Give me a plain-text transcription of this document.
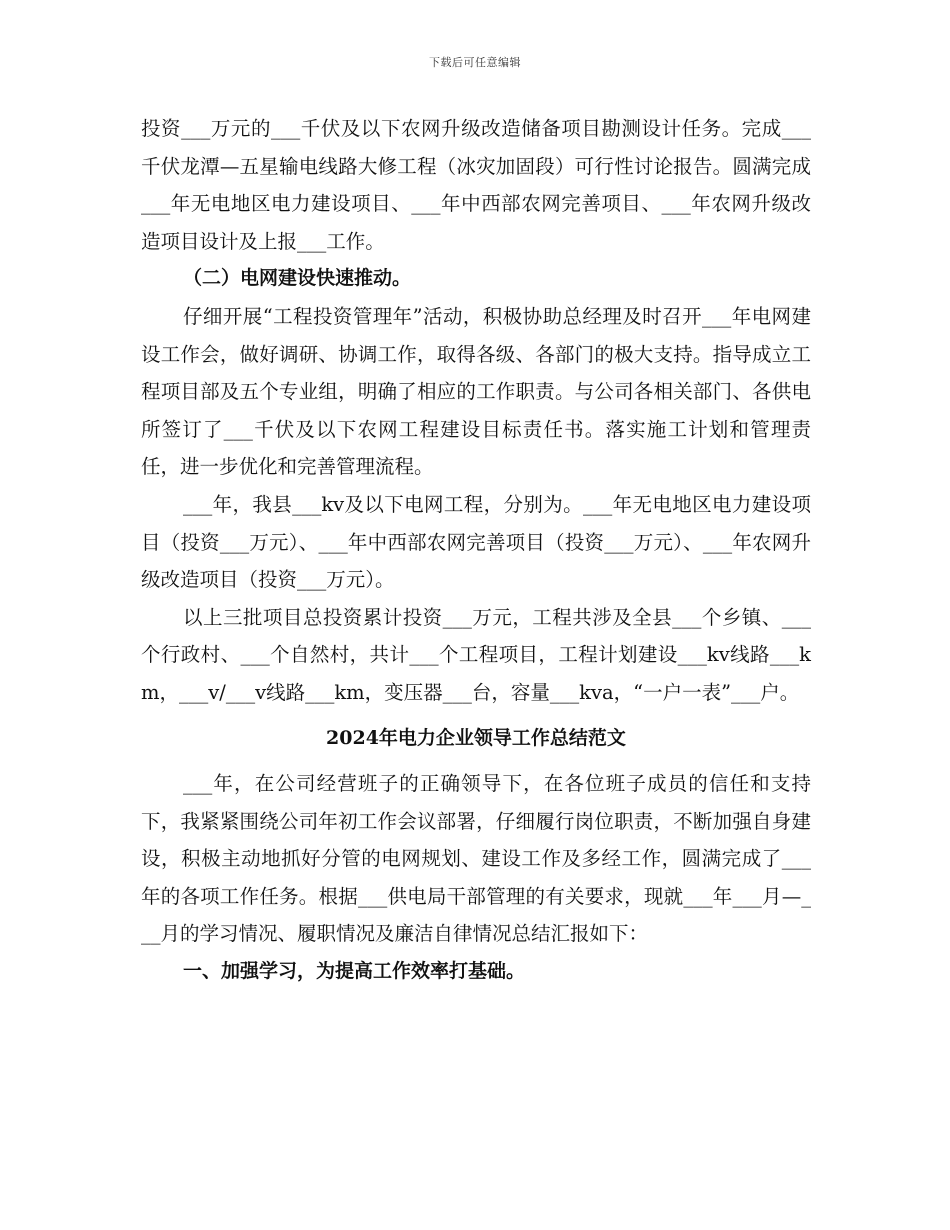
下载后可任意编辑

投资___万元的___千伏及以下农网升级改造储备项目勘测设计任务。完成___千伏龙潭—五星输电线路大修工程（冰灾加固段）可行性讨论报告。圆满完成___年无电地区电力建设项目、___年中西部农网完善项目、___年农网升级改造项目设计及上报___工作。

（二）电网建设快速推动。

仔细开展“工程投资管理年”活动，积极协助总经理及时召开___年电网建设工作会，做好调研、协调工作，取得各级、各部门的极大支持。指导成立工程项目部及五个专业组，明确了相应的工作职责。与公司各相关部门、各供电所签订了___千伏及以下农网工程建设目标责任书。落实施工计划和管理责任，进一步优化和完善管理流程。

___年，我县___kv及以下电网工程，分别为。___年无电地区电力建设项目（投资___万元）、___年中西部农网完善项目（投资___万元）、___年农网升级改造项目（投资___万元）。

以上三批项目总投资累计投资___万元，工程共涉及全县___个乡镇、___个行政村、___个自然村，共计___个工程项目，工程计划建设___kv线路___km，___v/___v线路___km，变压器___台，容量___kva，“一户一表”___户。

2024年电力企业领导工作总结范文

___年，在公司经营班子的正确领导下，在各位班子成员的信任和支持下，我紧紧围绕公司年初工作会议部署，仔细履行岗位职责，不断加强自身建设，积极主动地抓好分管的电网规划、建设工作及多经工作，圆满完成了___年的各项工作任务。根据___供电局干部管理的有关要求，现就___年___月—___月的学习情况、履职情况及廉洁自律情况总结汇报如下：

一、加强学习，为提高工作效率打基础。
